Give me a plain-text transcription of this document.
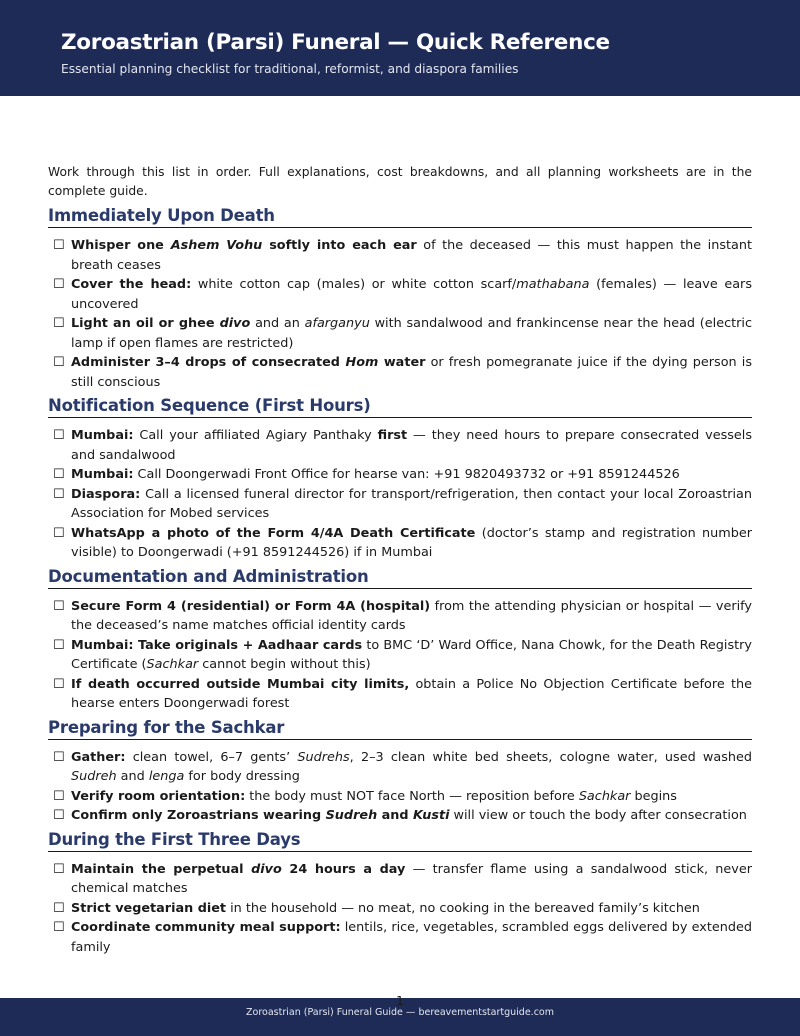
Zoroastrian (Parsi) Funeral — Quick Reference
Essential planning checklist for traditional, reformist, and diaspora families

Work through this list in order. Full explanations, cost breakdowns, and all planning worksheets are in the complete guide.

Immediately Upon Death
☐ Whisper one Ashem Vohu softly into each ear of the deceased — this must happen the instant breath ceases
☐ Cover the head: white cotton cap (males) or white cotton scarf/mathabana (females) — leave ears uncovered
☐ Light an oil or ghee divo and an afarganyu with sandalwood and frankincense near the head (electric lamp if open flames are restricted)
☐ Administer 3–4 drops of consecrated Hom water or fresh pomegranate juice if the dying person is still conscious
Notification Sequence (First Hours)
☐ Mumbai: Call your affiliated Agiary Panthaky first — they need hours to prepare consecrated vessels and sandalwood
☐ Mumbai: Call Doongerwadi Front Office for hearse van: +91 9820493732 or +91 8591244526
☐ Diaspora: Call a licensed funeral director for transport/refrigeration, then contact your local Zoroastrian Association for Mobed services
☐ WhatsApp a photo of the Form 4/4A Death Certificate (doctor’s stamp and registration number visible) to Doongerwadi (+91 8591244526) if in Mumbai
Documentation and Administration
☐ Secure Form 4 (residential) or Form 4A (hospital) from the attending physician or hospital — verify the deceased’s name matches official identity cards
☐ Mumbai: Take originals + Aadhaar cards to BMC ‘D’ Ward Office, Nana Chowk, for the Death Registry Certificate (Sachkar cannot begin without this)
☐ If death occurred outside Mumbai city limits, obtain a Police No Objection Certificate before the hearse enters Doongerwadi forest
Preparing for the Sachkar
☐ Gather: clean towel, 6–7 gents’ Sudrehs, 2–3 clean white bed sheets, cologne water, used washed Sudreh and lenga for body dressing
☐ Verify room orientation: the body must NOT face North — reposition before Sachkar begins
☐ Confirm only Zoroastrians wearing Sudreh and Kusti will view or touch the body after consecration
During the First Three Days
☐ Maintain the perpetual divo 24 hours a day — transfer flame using a sandalwood stick, never chemical matches
☐ Strict vegetarian diet in the household — no meat, no cooking in the bereaved family’s kitchen
☐ Coordinate community meal support: lentils, rice, vegetables, scrambled eggs delivered by extended family
Zoroastrian (Parsi) Funeral Guide — bereavementstartguide.com
1
